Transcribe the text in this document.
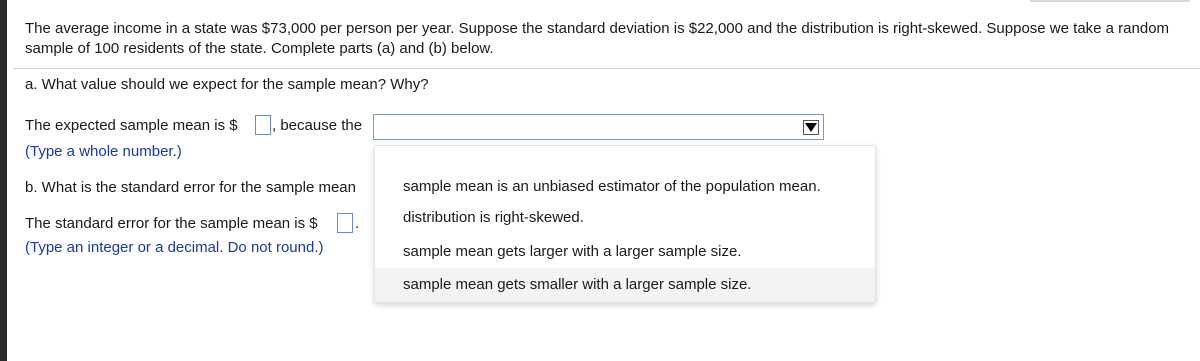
The average income in a state was $73,000 per person per year. Suppose the standard deviation is $22,000 and the distribution is right-skewed. Suppose we take a random sample of 100 residents of the state. Complete parts (a) and (b) below.
a. What value should we expect for the sample mean? Why?
The expected sample mean is $ , because the
(Type a whole number.)
b. What is the standard error for the sample mean
The standard error for the sample mean is $ .
(Type an integer or a decimal. Do not round.)
sample mean is an unbiased estimator of the population mean.
distribution is right-skewed.
sample mean gets larger with a larger sample size.
sample mean gets smaller with a larger sample size.
